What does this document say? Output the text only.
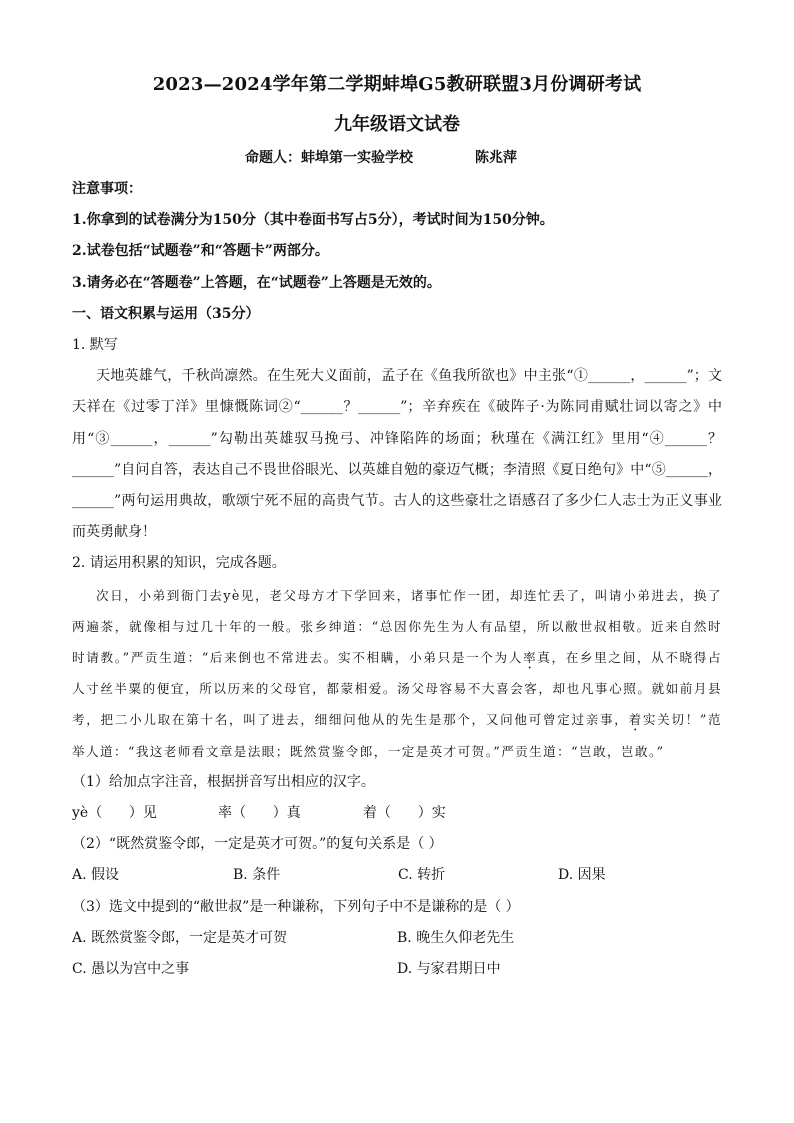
2023—2024学年第二学期蚌埠G5教研联盟3月份调研考试
九年级语文试卷
命题人：蚌埠第一实验学校	陈兆萍
注意事项：
1.你拿到的试卷满分为150分（其中卷面书写占5分），考试时间为150分钟。
2.试卷包括“试题卷”和“答题卡”两部分。
3.请务必在“答题卷”上答题，在“试题卷”上答题是无效的。
一、语文积累与运用（35分）
1. 默写
天地英雄气，千秋尚凛然。在生死大义面前，孟子在《鱼我所欲也》中主张“①______，______”；文天祥在《过零丁洋》里慷慨陈词②“______？______”；辛弃疾在《破阵子·为陈同甫赋壮词以寄之》中用“③______，______”勾勒出英雄驭马挽弓、冲锋陷阵的场面；秋瑾在《满江红》里用“④______？______”自问自答，表达自己不畏世俗眼光、以英雄自勉的豪迈气概；李清照《夏日绝句》中“⑤______，______”两句运用典故，歌颂宁死不屈的高贵气节。古人的这些豪壮之语感召了多少仁人志士为正义事业而英勇献身！
2. 请运用积累的知识，完成各题。
次日，小弟到衙门去yè见，老父母方才下学回来，诸事忙作一团，却连忙丢了，叫请小弟进去，换了两遍茶，就像相与过几十年的一般。张乡绅道：“总因你先生为人有品望，所以敝世叔相敬。近来自然时时请教。”严贡生道：“后来倒也不常进去。实不相瞒，小弟只是一个为人率真，在乡里之间，从不晓得占人寸丝半粟的便宜，所以历来的父母官，都蒙相爱。汤父母容易不大喜会客，却也凡事心照。就如前月县考，把二小儿取在第十名，叫了进去，细细问他从的先生是那个，又问他可曾定过亲事，着实关切！”范举人道：“我这老师看文章是法眼；既然赏鉴令郎，一定是英才可贺。”严贡生道：“岂敢，岂敢。”
（1）给加点字注音，根据拼音写出相应的汉字。
yè（      ）见	率（      ）真	着（      ）实
（2）“既然赏鉴令郎，一定是英才可贺。”的复句关系是（ ）
A. 假设	B. 条件	C. 转折	D. 因果
（3）选文中提到的“敝世叔”是一种谦称，下列句子中不是谦称的是（ ）
A. 既然赏鉴令郎，一定是英才可贺	B. 晚生久仰老先生
C. 愚以为宫中之事	D. 与家君期日中
